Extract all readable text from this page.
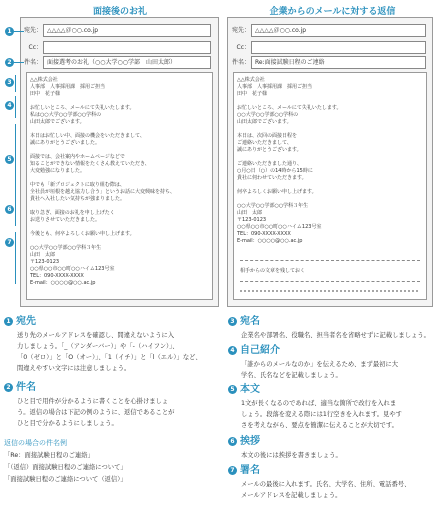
面接後のお礼	企業からのメールに対する返信
宛先： △△△△＠○○.co.jp
Cc：
件名： 面接選考のお礼（○○大学○○学部　山田太郎）
△△株式会社
人事部　人事採用課　採用ご担当
田中　花子様
お忙しいところ、メールにて失礼いたします。
私は○○大学○○学部○○学科の
山田太郎でございます。
本日はお忙しい中、面接の機会をいただきまして、
誠にありがとうございました。
面接では、会社案内やホームページなどで
知ることができない情報をたくさん教えていただき、
大変勉強になりました。
中でも「新プロジェクトに取り組む際は、
全社員が垣根を越え協力し合う」というお話に大変興味を持ち、
貴社へ入社したい気持ちが強まりました。
取り急ぎ、面接のお礼を申し上げたく
お送りさせていただきました。
今後とも、何卒よろしくお願い申し上げます。
○○大学○○学部○○学科３年生
山田　太郎
〒123-0123
○○県○○市○○町○○ハイム123号室
TEL：090-XXXX-XXXX
E-mail：○○○○@○○.ac.jp
1
2
3
4
5
6
7
宛先： △△△△＠○○.co.jp
Cc：
件名： Re:面接試験日程のご連絡
△△株式会社
人事部　人事採用課　採用ご担当
田中　花子様
お忙しいところ、メールにて失礼いたします。
○○大学○○学部○○学科の
山田太郎でございます。
本日は、次回の面接日程を
ご連絡いただきまして、
誠にありがとうございます。
ご連絡いただきました通り、
○月○日（○）の14時から15時に
貴社に伺わせていただきます。
何卒よろしくお願い申し上げます。
○○大学○○学部○○学科３年生
山田　太郎
〒123-0123
○○県○○市○○町○○ハイム123号室
TEL：090-XXXX-XXXX
E-mail：○○○○@○○.ac.jp
相手からの文章を残しておく
1 宛先
送り先のメールアドレスを確認し、間違えないように入
力しましょう。「_（アンダーバー）」や「-（ハイフン）」、
「0（ゼロ）」と「O（オー）」、「1（イチ）」と「l（エル）」など、
間違えやすい文字には注意しましょう。
2 件名
ひと目で用件が分かるように書くことを心掛けましょ
う。返信の場合は下記の例のように、返信であることが
ひと目で分かるようにしましょう。
返信の場合の件名例
「Re：面接試験日程のご連絡」
「（返信）面接試験日程のご連絡について」
「面接試験日程のご連絡について（返信）」
3 宛名
企業名や部署名、役職名、担当者名を省略せずに記載しましょう。
4 自己紹介
「誰からのメールなのか」を伝えるため、まず最初に大
学名、氏名などを記載しましょう。
5 本文
1文が長くなるのであれば、適当な箇所で改行を入れま
しょう。段落を変える際には1行空きを入れます。見やす
さを考えながら、要点を簡潔に伝えることが大切です。
6 挨拶
本文の後には挨拶を書きましょう。
7 署名
メールの最後に入れます。氏名、大学名、住所、電話番号、
メールアドレスを記載しましょう。
